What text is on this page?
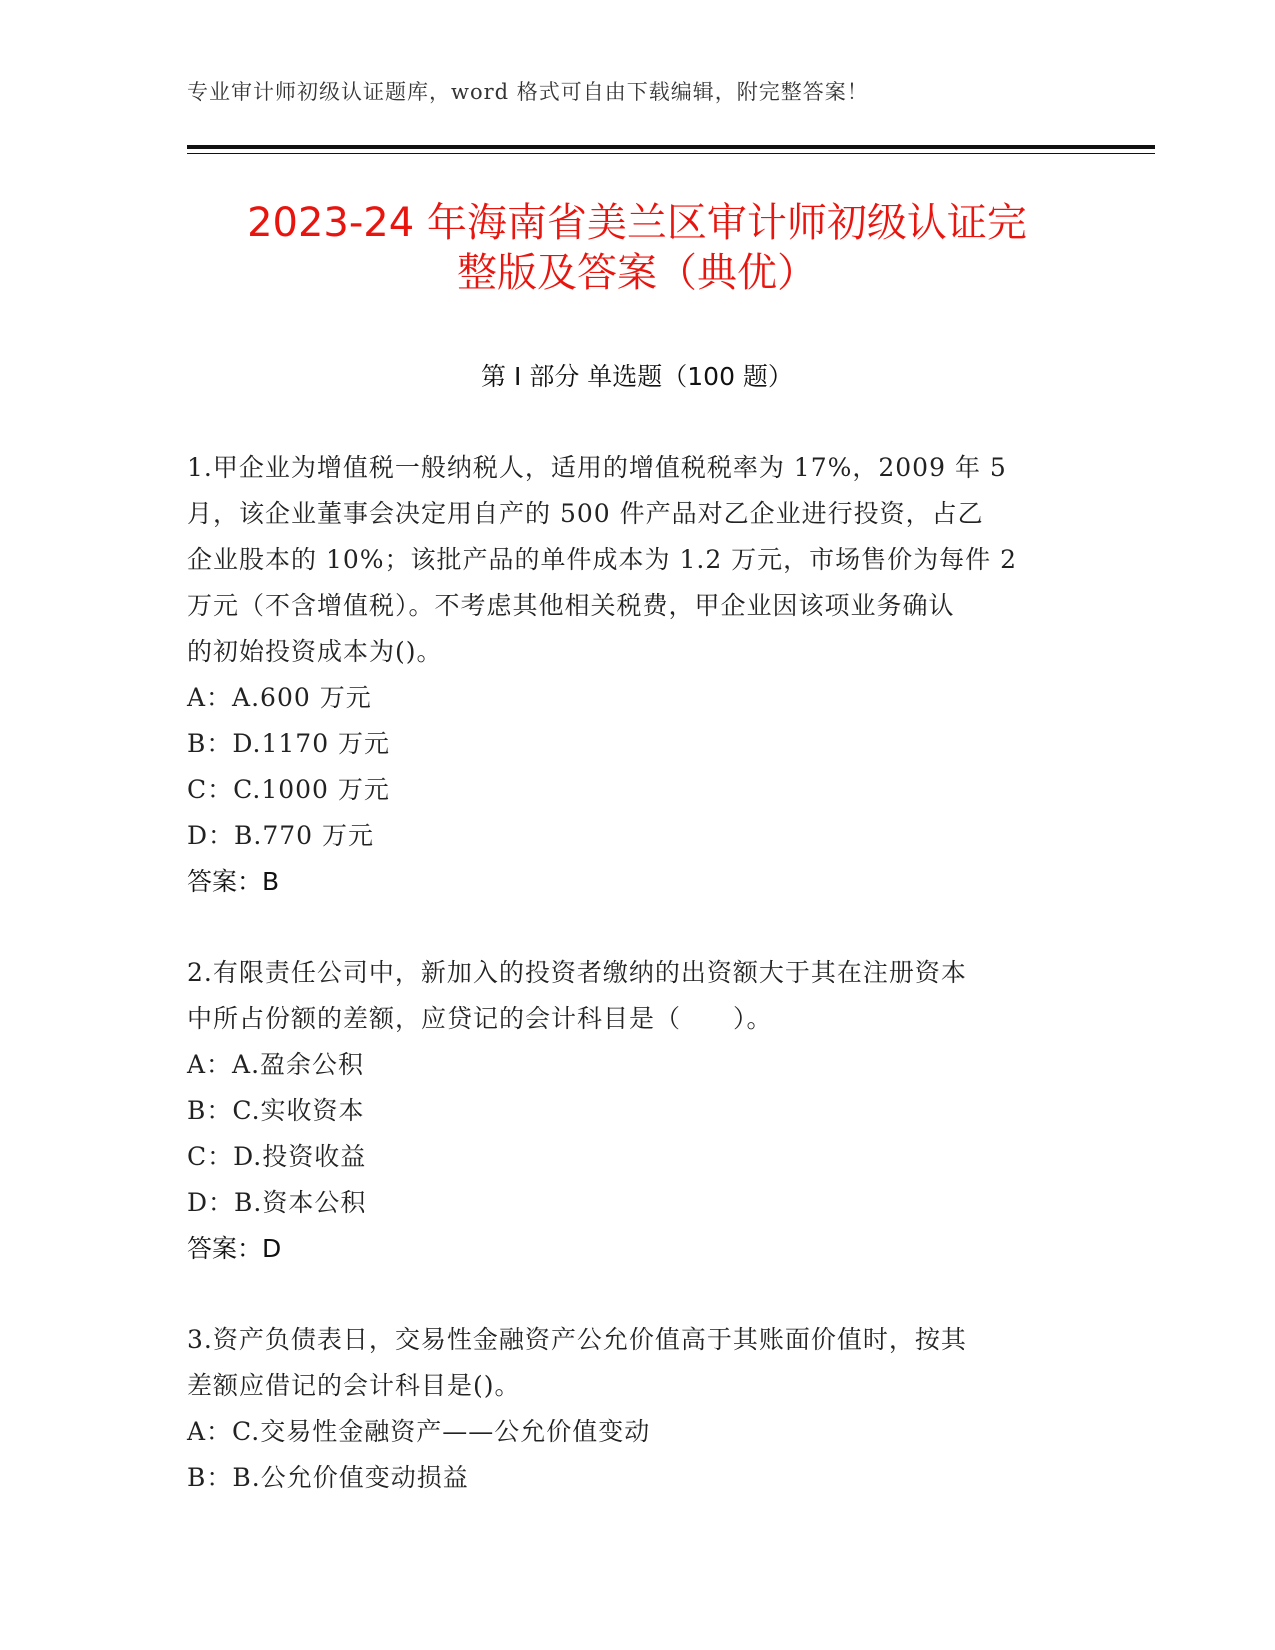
专业审计师初级认证题库，word 格式可自由下载编辑，附完整答案！
2023-24 年海南省美兰区审计师初级认证完
整版及答案（典优）
第 I 部分 单选题（100 题）

1.甲企业为增值税一般纳税人，适用的增值税税率为 17%，2009 年 5

月，该企业董事会决定用自产的 500 件产品对乙企业进行投资，占乙

企业股本的 10%；该批产品的单件成本为 1.2 万元，市场售价为每件 2

万元（不含增值税）。不考虑其他相关税费，甲企业因该项业务确认

的初始投资成本为()。

A：A.600 万元

B：D.1170 万元

C：C.1000 万元

D：B.770 万元

答案：B

2.有限责任公司中，新加入的投资者缴纳的出资额大于其在注册资本

中所占份额的差额，应贷记的会计科目是（　　）。

A：A.盈余公积

B：C.实收资本

C：D.投资收益

D：B.资本公积

答案：D

3.资产负债表日，交易性金融资产公允价值高于其账面价值时，按其

差额应借记的会计科目是()。

A：C.交易性金融资产——公允价值变动

B：B.公允价值变动损益
